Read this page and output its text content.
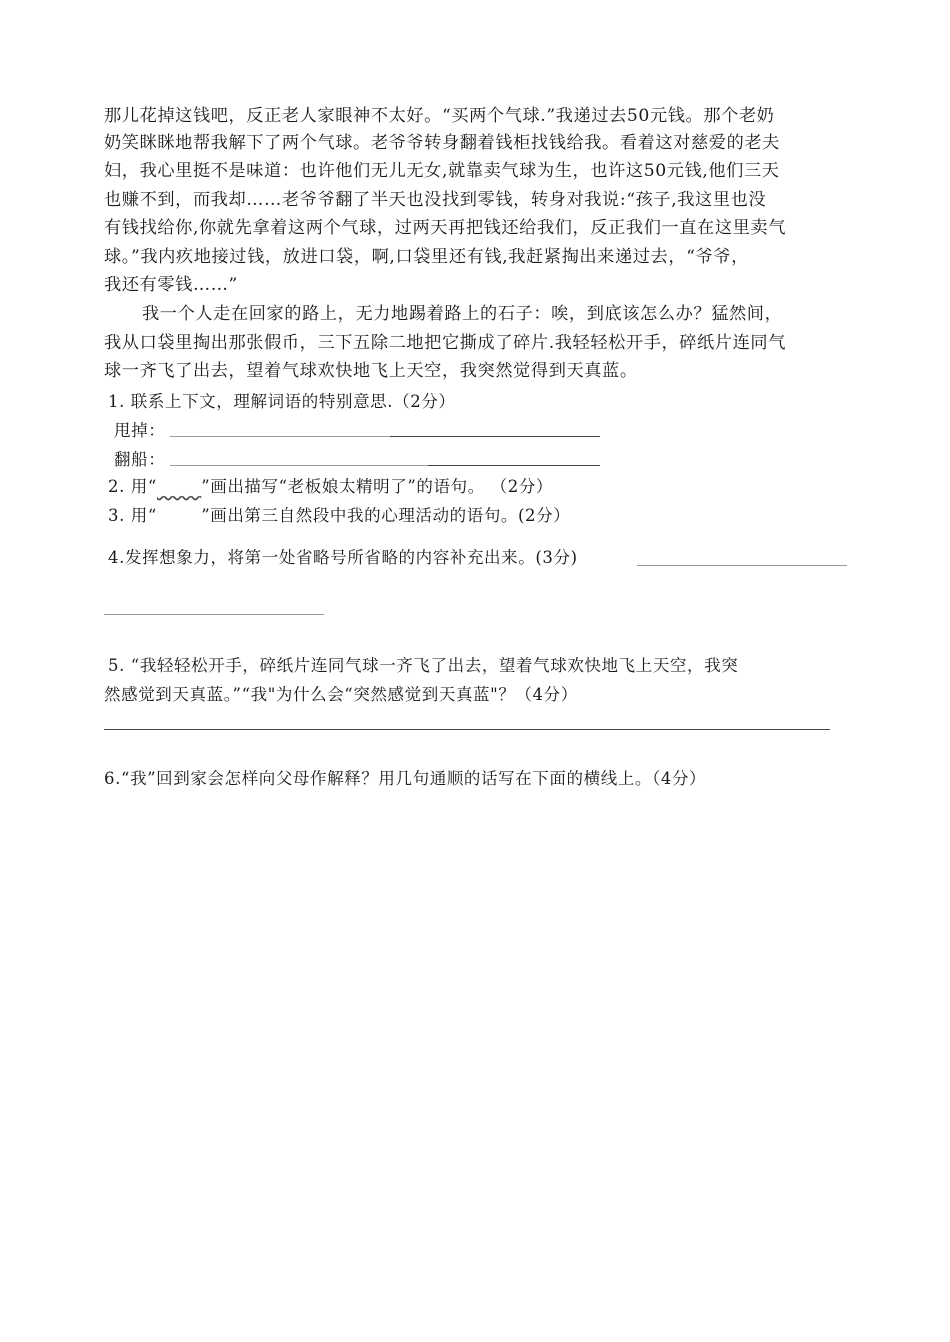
那儿花掉这钱吧，反正老人家眼神不太好。“买两个气球.”我递过去50元钱。那个老奶
奶笑眯眯地帮我解下了两个气球。老爷爷转身翻着钱柜找钱给我。看着这对慈爱的老夫
妇，我心里挺不是味道：也许他们无儿无女,就靠卖气球为生，也许这50元钱,他们三天
也赚不到，而我却……老爷爷翻了半天也没找到零钱，转身对我说:“孩子,我这里也没
有钱找给你,你就先拿着这两个气球，过两天再把钱还给我们，反正我们一直在这里卖气
球。”我内疚地接过钱，放进口袋，啊,口袋里还有钱,我赶紧掏出来递过去，“爷爷，
我还有零钱……”
我一个人走在回家的路上，无力地踢着路上的石子：唉，到底该怎么办？猛然间，
我从口袋里掏出那张假币，三下五除二地把它撕成了碎片.我轻轻松开手，碎纸片连同气
球一齐飞了出去，望着气球欢快地飞上天空，我突然觉得到天真蓝。
1. 联系上下文，理解词语的特别意思.（2分）
甩掉：
翻船：
2. 用“_____”画出描写“老板娘太精明了”的语句。 （2分）
3. 用“_____”画出第三自然段中我的心理活动的语句。(2分）
4.发挥想象力，将第一处省略号所省略的内容补充出来。(3分)
5. “我轻轻松开手，碎纸片连同气球一齐飞了出去，望着气球欢快地飞上天空，我突
然感觉到天真蓝。”“我"为什么会“突然感觉到天真蓝"？（4分）
6.“我”回到家会怎样向父母作解释？用几句通顺的话写在下面的横线上。（4分）
